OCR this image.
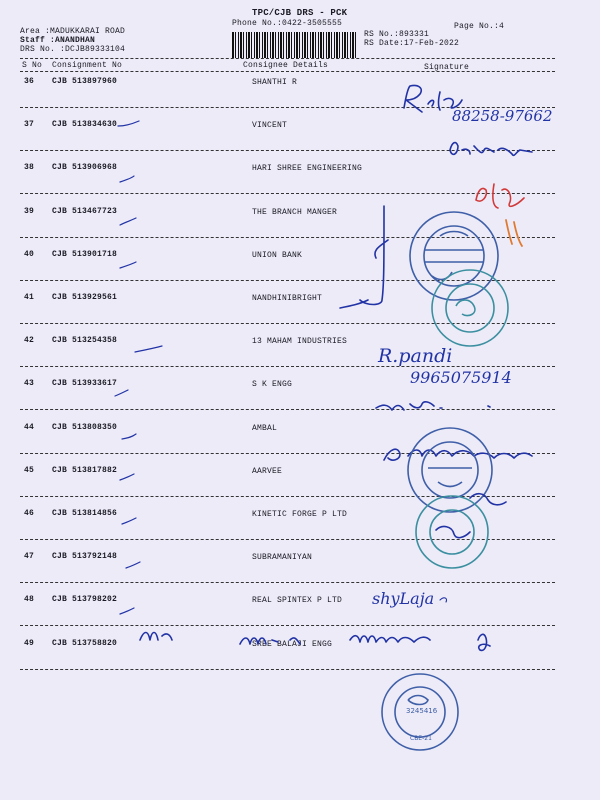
TPC/CJB DRS - PCK
Phone No.:0422-3505555	Page No.:4
Area :MADUKKARAI ROAD
Staff :ANANDHAN
DRS No. :DCJB89333104
RS No.:893331
RS Date:17-Feb-2022
S No Consignment No	Consignee Details	Signature
36 CJB 513897960	SHANTHI R
37 CJB 513834630	VINCENT
38 CJB 513906968	HARI SHREE ENGINEERING
39 CJB 513467723	THE BRANCH MANGER
40 CJB 513901718	UNION BANK
41 CJB 513929561	NANDHINIBRIGHT
42 CJB 513254358	13 MAHAM INDUSTRIES
43 CJB 513933617	S K ENGG
44 CJB 513808350	AMBAL
45 CJB 513817882	AARVEE
46 CJB 513814856	KINETIC FORGE P LTD
47 CJB 513792148	SUBRAMANIYAN
48 CJB 513798202	REAL SPINTEX P LTD
49 CJB 513758820	SREE BALAJI ENGG
88258-97662
R.pandi
9965075914
shyLaja
3245416
CBE-21
